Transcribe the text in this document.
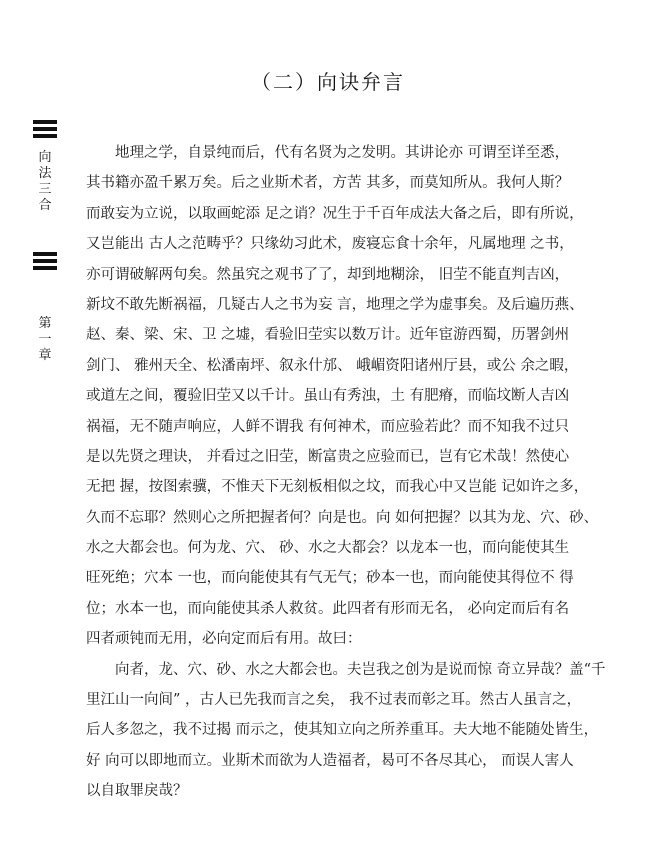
（二）向诀弁言
向
法
三
合
第
一
章
　　地理之学，自景纯而后，代有名贤为之发明。其讲论亦 可谓至详至悉，
其书籍亦盈千累万矣。后之业斯术者，方苦 其多，而莫知所从。我何人斯？
而敢妄为立说，以取画蛇添 足之诮？况生于千百年成法大备之后，即有所说，
又岂能出 古人之范畴乎？只缘幼习此术，废寝忘食十余年，凡属地理 之书，
亦可谓破解两句矣。然虽究之观书了了，却到地糊涂， 旧茔不能直判吉凶，
新坟不敢先断祸福，几疑古人之书为妄 言，地理之学为虚事矣。及后遍历燕、
赵、秦、梁、宋、卫 之墟，看验旧茔实以数万计。近年宦游西蜀，历署剑州
剑门、 雅州天全、松潘南坪、叙永什邡、 峨嵋资阳诸州厅县，或公 余之暇，
或道左之间，覆验旧茔又以千计。虽山有秀浊，土 有肥瘠，而临坟断人吉凶
祸福，无不随声响应，人鲜不谓我 有何神术，而应验若此？而不知我不过只
是以先贤之理诀， 并看过之旧茔，断富贵之应验而已，岂有它术哉！然使心
无把 握，按图索骥，不惟天下无刻板相似之坟，而我心中又岂能 记如许之多，
久而不忘耶？然则心之所把握者何？向是也。向 如何把握？以其为龙、穴、砂、
水之大都会也。何为龙、穴、 砂、水之大都会？以龙本一也，而向能使其生
旺死绝；穴本 一也，而向能使其有气无气；砂本一也，而向能使其得位不 得
位；水本一也，而向能使其杀人救贫。此四者有形而无名， 必向定而后有名
四者顽钝而无用，必向定而后有用。故曰：
　　向者，龙、穴、砂、水之大都会也。夫岂我之创为是说而惊 奇立异哉？盖“千
里江山一向间” ，古人已先我而言之矣， 我不过表而彰之耳。然古人虽言之，
后人多忽之，我不过揭 而示之，使其知立向之所养重耳。夫大地不能随处皆生，
好 向可以即地而立。业斯术而欲为人造福者，曷可不各尽其心， 而误人害人
以自取罪戾哉？
